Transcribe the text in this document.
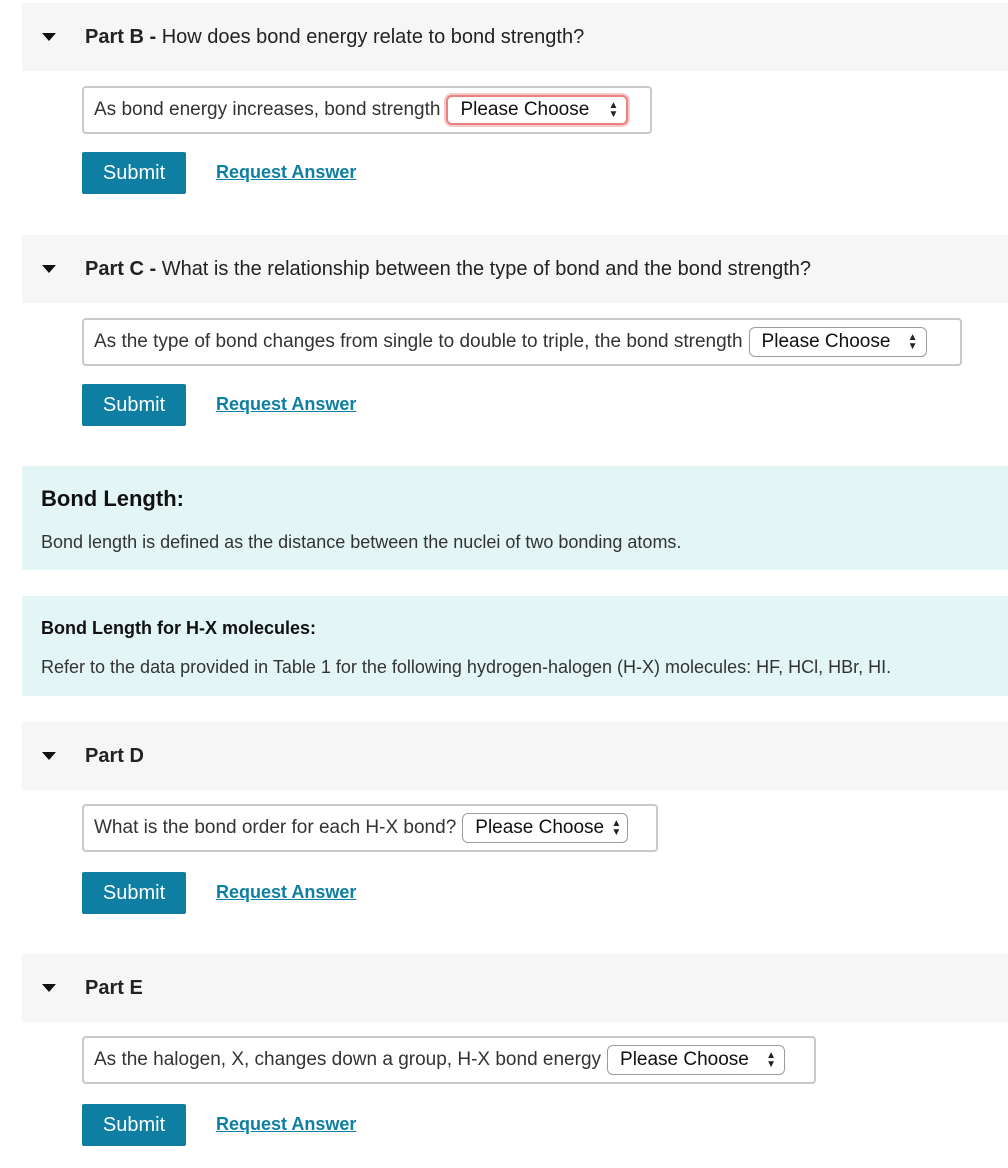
Part B - How does bond energy relate to bond strength?
As bond energy increases, bond strength Please Choose ▲
▼
Submit	Request Answer
Part C - What is the relationship between the type of bond and the bond strength?
As the type of bond changes from single to double to triple, the bond strength Please Choose ▲
▼
Submit	Request Answer
Bond Length:

Bond length is defined as the distance between the nuclei of two bonding atoms.

Bond Length for H-X molecules:

Refer to the data provided in Table 1 for the following hydrogen-halogen (H-X) molecules: HF, HCl, HBr, HI.

Part D
What is the bond order for each H-X bond? Please Choose ▲
▼
Submit	Request Answer
Part E
As the halogen, X, changes down a group, H-X bond energy Please Choose ▲
▼
Submit	Request Answer
